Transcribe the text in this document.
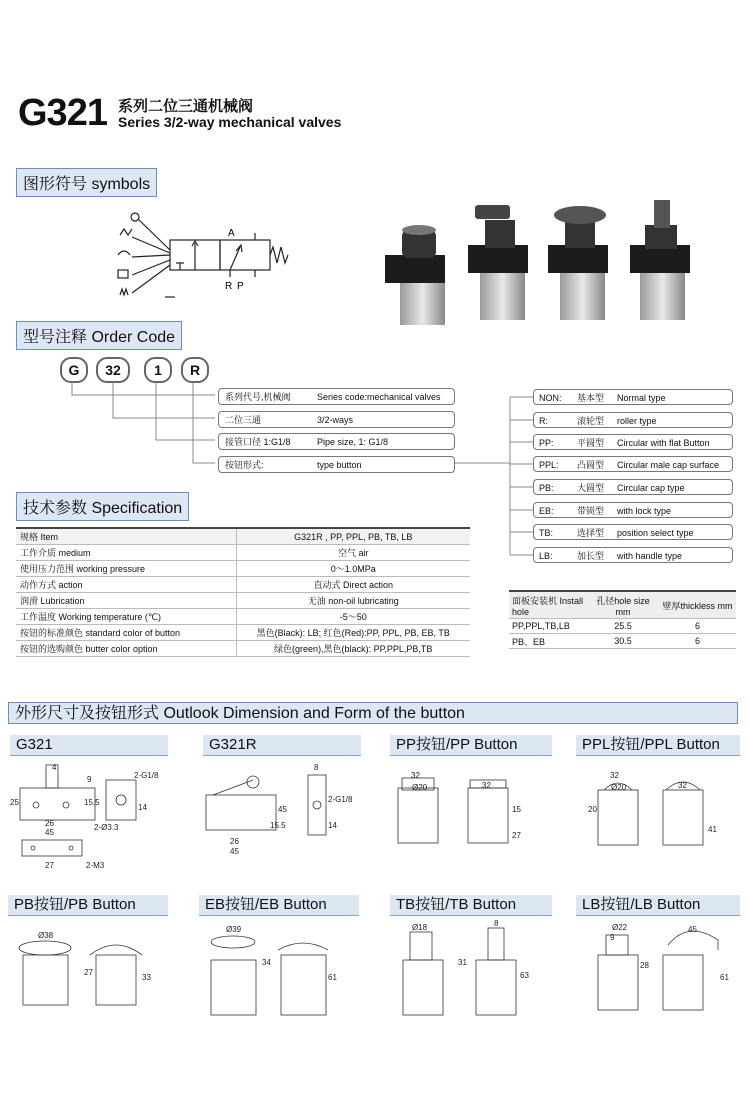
G321 系列二位三通机械阀
Series 3/2-way mechanical valves
图形符号 symbols
A
R P
型号注释 Order Code
G	32	1	R
系列代号,机械阀	Series code:mechanical valves
二位三通	3/2-ways
接管口径 1:G1/8	Pipe size, 1: G1/8
按钮形式:	type button
NON: 基本型 Normal type
R:	滚轮型 roller type
PP:	平圆型 Circular with flat Button
PPL: 凸圆型 Circular male cap surface
PB:	大圆型 Circular cap type
EB:	带锁型 with lock type
TB:	选择型 position select type
LB:	加长型 with handle type
技术参数 Specification
规格 Item	G321R , PP, PPL, PB, TB, LB
工作介质 medium	空气 air
使用压力范围 working pressure	0～1.0MPa
动作方式 action	直动式 Direct action
润滑 Lubrication	无油 non-oil lubricating
工作温度 Working temperature (℃)	-5～50
按钮的标准颜色 standard color of button	黑色(Black): LB; 红色(Red):PP, PPL, PB, EB, TB
按钮的选购颜色 butter color option	绿色(green),黑色(black): PP,PPL,PB,TB
面板安装机 Install hole	孔径hole size mm	壁厚thickless mm
PP,PPL,TB,LB	25.5	6
PB、EB	30.5	6
外形尺寸及按钮形式 Outlook Dimension and Form of the button
G321	G321R	PP按钮/PP Button	PPL按钮/PPL Button
PB按钮/PB Button	EB按钮/EB Button	TB按钮/TB Button	LB按钮/LB Button
4
9	2-G1/8
25	15.5
14
26
45
2-Ø3.3
27	2-M3
8
2-G1/8
45
15.5	14
26
45
32
Ø20	32
15
27
32
Ø20	32
20
41
Ø38
27
33
Ø39
34
61
Ø18	8
31
63
Ø22
9
28
45
61
